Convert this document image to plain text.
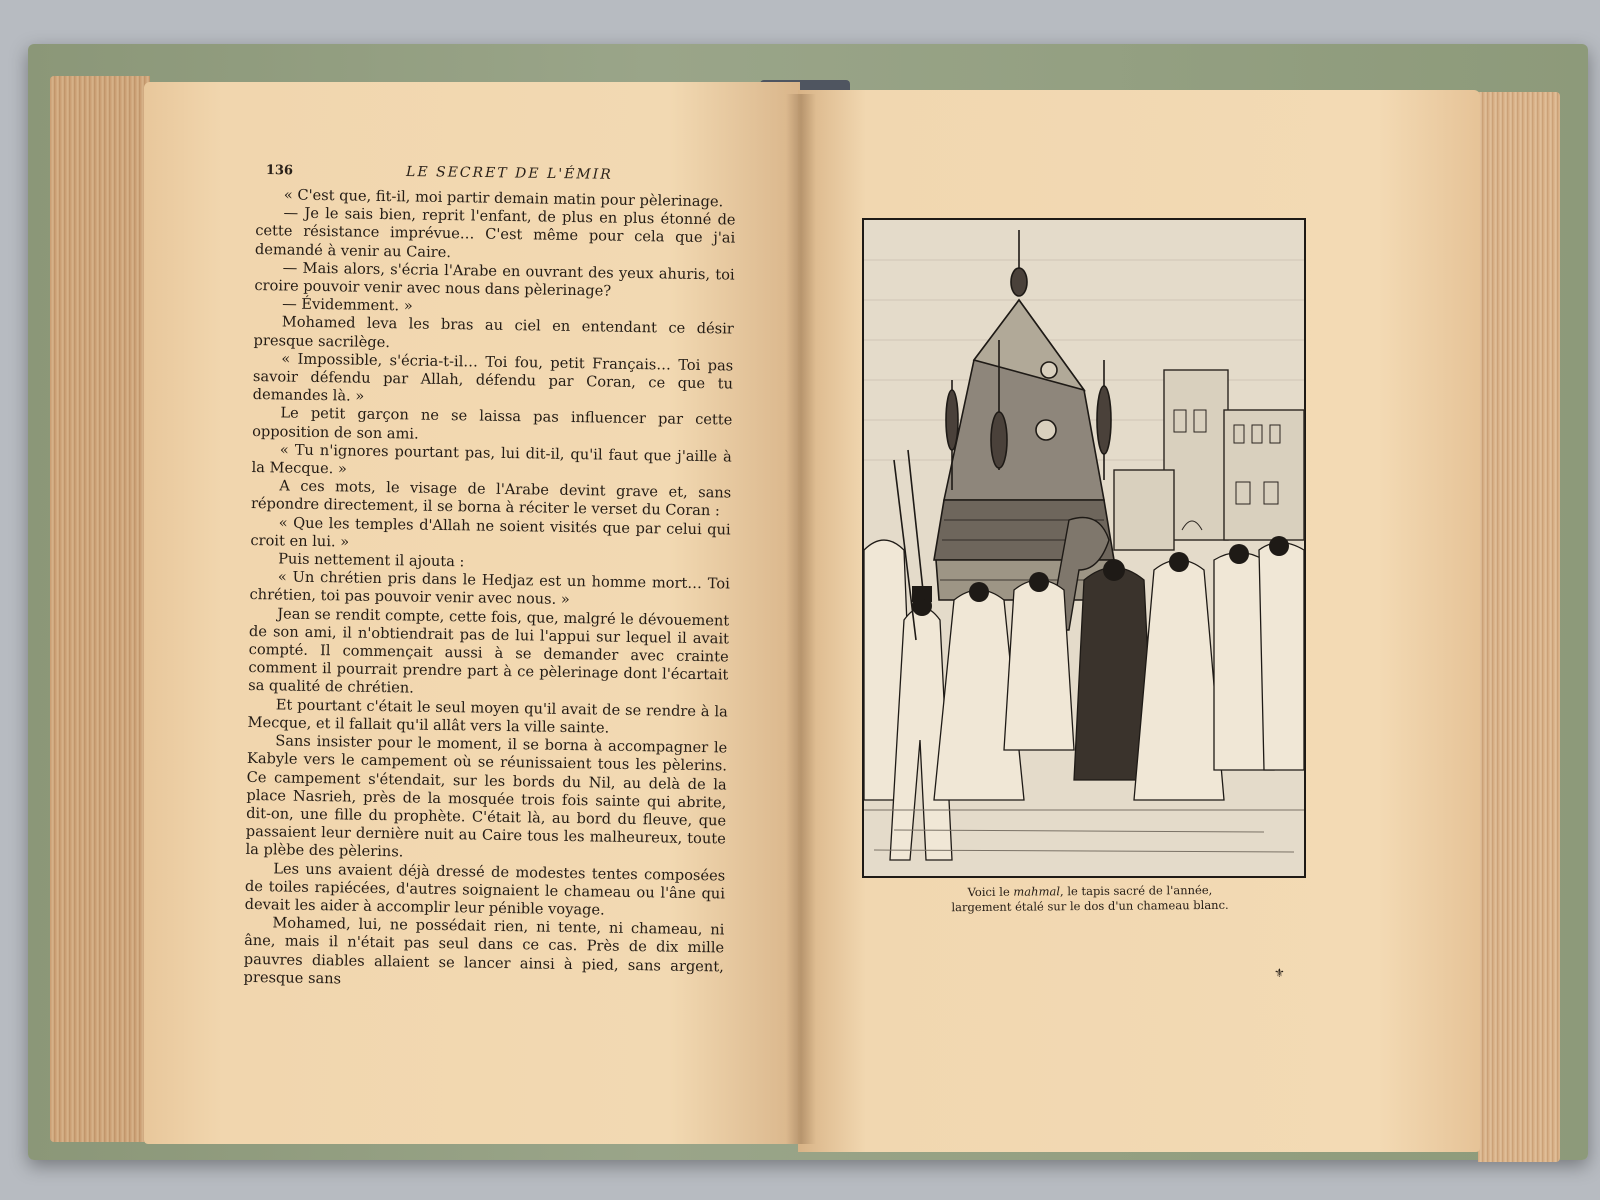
136	LE SECRET DE L'ÉMIR

« C'est que, fit-il, moi partir demain matin pour pèlerinage.

— Je le sais bien, reprit l'enfant, de plus en plus étonné de cette résistance imprévue… C'est même pour cela que j'ai demandé à venir au Caire.

— Mais alors, s'écria l'Arabe en ouvrant des yeux ahuris, toi croire pouvoir venir avec nous dans pèlerinage?

— Évidemment. »

Mohamed leva les bras au ciel en entendant ce désir presque sacrilège.

« Impossible, s'écria-t-il… Toi fou, petit Français… Toi pas savoir défendu par Allah, défendu par Coran, ce que tu demandes là. »

Le petit garçon ne se laissa pas influencer par cette opposition de son ami.

« Tu n'ignores pourtant pas, lui dit-il, qu'il faut que j'aille à la Mecque. »

A ces mots, le visage de l'Arabe devint grave et, sans répondre directement, il se borna à réciter le verset du Coran :

« Que les temples d'Allah ne soient visités que par celui qui croit en lui. »

Puis nettement il ajouta :

« Un chrétien pris dans le Hedjaz est un homme mort… Toi chrétien, toi pas pouvoir venir avec nous. »

Jean se rendit compte, cette fois, que, malgré le dévouement de son ami, il n'obtiendrait pas de lui l'appui sur lequel il avait compté. Il commençait aussi à se demander avec crainte comment il pourrait prendre part à ce pèlerinage dont l'écartait sa qualité de chrétien.

Et pourtant c'était le seul moyen qu'il avait de se rendre à la Mecque, et il fallait qu'il allât vers la ville sainte.

Sans insister pour le moment, il se borna à accompagner le Kabyle vers le campement où se réunissaient tous les pèlerins. Ce campement s'étendait, sur les bords du Nil, au delà de la place Nasrieh, près de la mosquée trois fois sainte qui abrite, dit-on, une fille du prophète. C'était là, au bord du fleuve, que passaient leur dernière nuit au Caire tous les malheureux, toute la plèbe des pèlerins.

Les uns avaient déjà dressé de modestes tentes composées de toiles rapiécées, d'autres soignaient le chameau ou l'âne qui devait les aider à accomplir leur pénible voyage.

Mohamed, lui, ne possédait rien, ni tente, ni chameau, ni âne, mais il n'était pas seul dans ce cas. Près de dix mille pauvres diables allaient se lancer ainsi à pied, sans argent, presque sans	⚜
Voici le mahmal, le tapis sacré de l'année,
largement étalé sur le dos d'un chameau blanc.
